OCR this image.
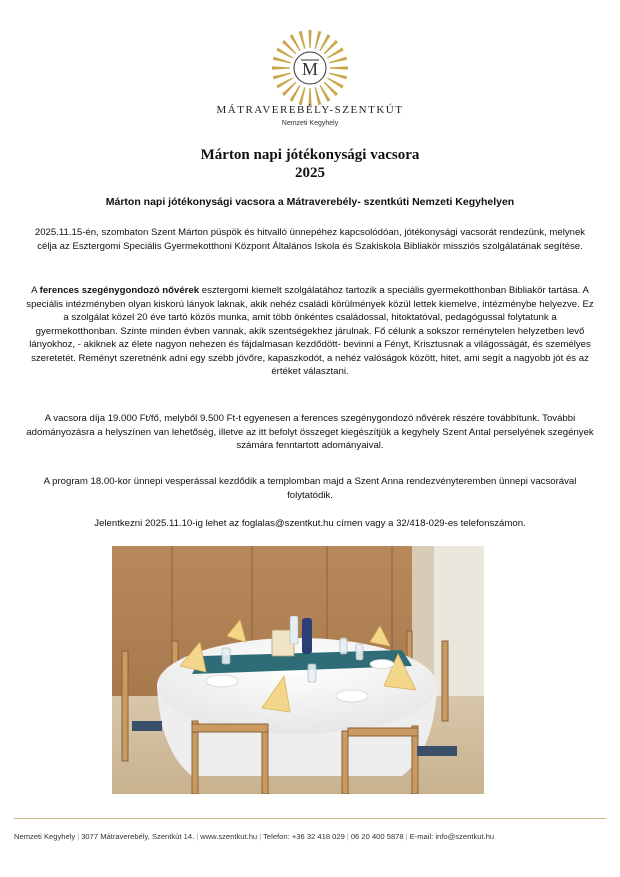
M
MÁTRAVEREBÉLY-SZENTKÚT
Nemzeti Kegyhely
Márton napi jótékonysági vacsora
2025
Márton napi jótékonysági vacsora a Mátraverebély- szentkúti Nemzeti Kegyhelyen
2025.11.15-én, szombaton Szent Márton püspök és hitvalló ünnepéhez kapcsolódóan, jótékonysági vacsorát rendezünk, melynek célja az Esztergomi Speciális Gyermekotthoni Központ Általános Iskola és Szakiskola Bibliakör missziós szolgálatának segítése.
A ferences szegénygondozó nővérek esztergomi kiemelt szolgálatához tartozik a speciális gyermekotthonban Bibliakör tartása. A speciális intézményben olyan kiskorú lányok laknak, akik nehéz családi körülmények közül lettek kiemelve, intézménybe helyezve. Ez a szolgálat közel 20 éve tartó közös munka, amit több önkéntes családossal, hitoktatóval, pedagógussal folytatunk a gyermekotthonban. Szinte minden évben vannak, akik szentségekhez járulnak. Fő célunk a sokszor reménytelen helyzetben levő lányokhoz, - akiknek az élete nagyon nehezen és fájdalmasan kezdődött- bevinni a Fényt, Krisztusnak a világosságát, és személyes szeretetét. Reményt szeretnénk adni egy szebb jövőre, kapaszkodót, a nehéz valóságok között, hitet, ami segít a nagyobb jót és az értéket választani.
A vacsora díja 19.000 Ft/fő, melyből 9.500 Ft-t egyenesen a ferences szegénygondozó nővérek részére továbbítunk. További adományozásra a helyszínen van lehetőség, illetve az itt befolyt összeget kiegészítjük a kegyhely Szent Antal perselyének szegények számára fenntartott adományaival.
A program 18.00-kor ünnepi vesperással kezdődik a templomban majd a Szent Anna rendezvényteremben ünnepi vacsorával folytatódik.
Jelentkezni 2025.11.10-ig lehet az foglalas@szentkut.hu címen vagy a 32/418-029-es telefonszámon.
Nemzeti Kegyhely | 3077 Mátraverebély, Szentkút 14. | www.szentkut.hu | Telefon: +36 32 418 029 | 06 20 400 5878 | E-mail: info@szentkut.hu
